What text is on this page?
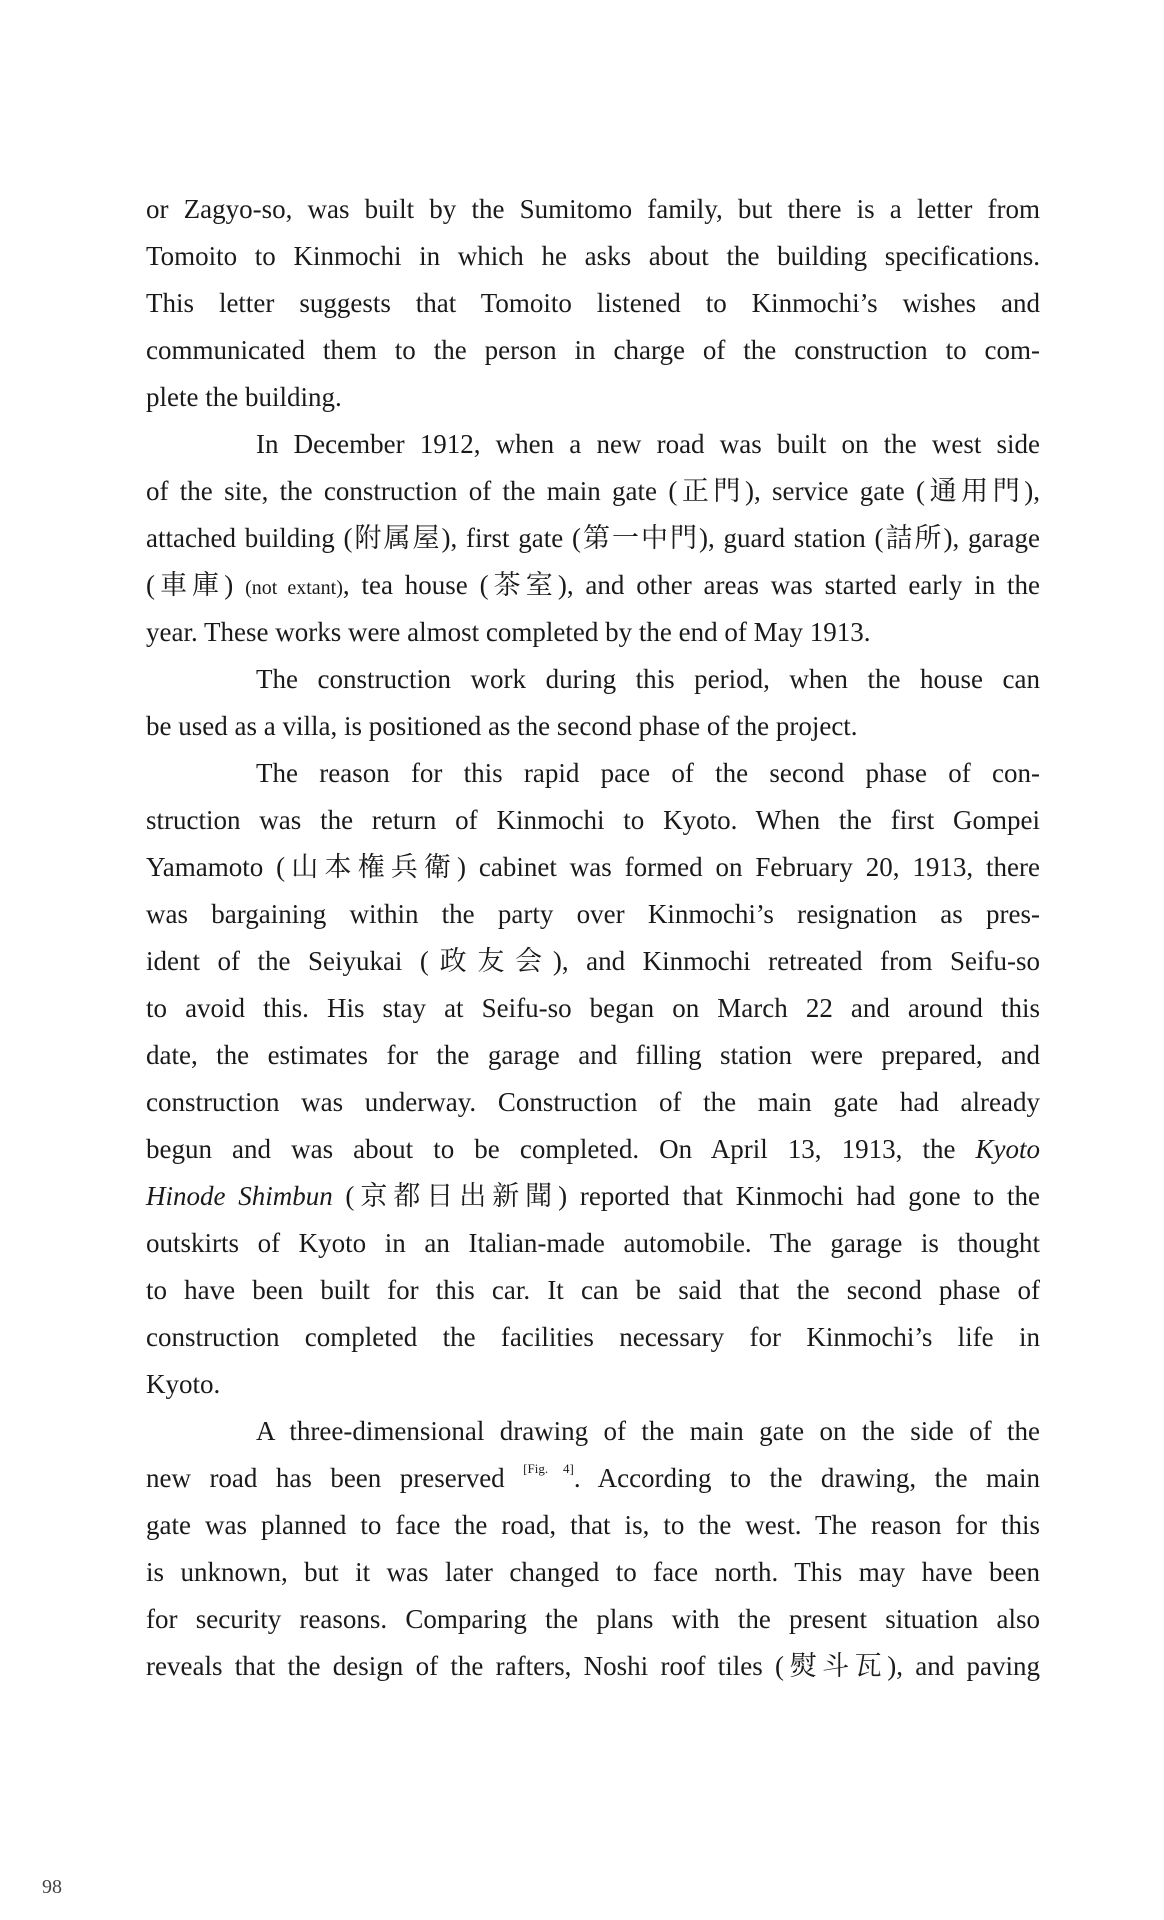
or Zagyo-so, was built by the Sumitomo family, but there is a letter from
Tomoito to Kinmochi in which he asks about the building specifications.
This letter suggests that Tomoito listened to Kinmochi’s wishes and
communicated them to the person in charge of the construction to com-
plete the building.
In December 1912, when a new road was built on the west side
of the site, the construction of the main gate (正門), service gate (通用門),
attached building (附属屋), first gate (第一中門), guard station (詰所), garage
(車庫) (not extant), tea house (茶室), and other areas was started early in the
year. These works were almost completed by the end of May 1913.
The construction work during this period, when the house can
be used as a villa, is positioned as the second phase of the project.
The reason for this rapid pace of the second phase of con-
struction was the return of Kinmochi to Kyoto. When the first Gompei
Yamamoto (山本権兵衛) cabinet was formed on February 20, 1913, there
was bargaining within the party over Kinmochi’s resignation as pres-
ident of the Seiyukai (政友会), and Kinmochi retreated from Seifu-so
to avoid this. His stay at Seifu-so began on March 22 and around this
date, the estimates for the garage and filling station were prepared, and
construction was underway. Construction of the main gate had already
begun and was about to be completed. On April 13, 1913, the Kyoto
Hinode Shimbun (京都日出新聞) reported that Kinmochi had gone to the
outskirts of Kyoto in an Italian-made automobile. The garage is thought
to have been built for this car. It can be said that the second phase of
construction completed the facilities necessary for Kinmochi’s life in
Kyoto.
A three-dimensional drawing of the main gate on the side of the
new road has been preserved [Fig. 4]. According to the drawing, the main
gate was planned to face the road, that is, to the west. The reason for this
is unknown, but it was later changed to face north. This may have been
for security reasons. Comparing the plans with the present situation also
reveals that the design of the rafters, Noshi roof tiles (熨斗瓦), and paving
98
